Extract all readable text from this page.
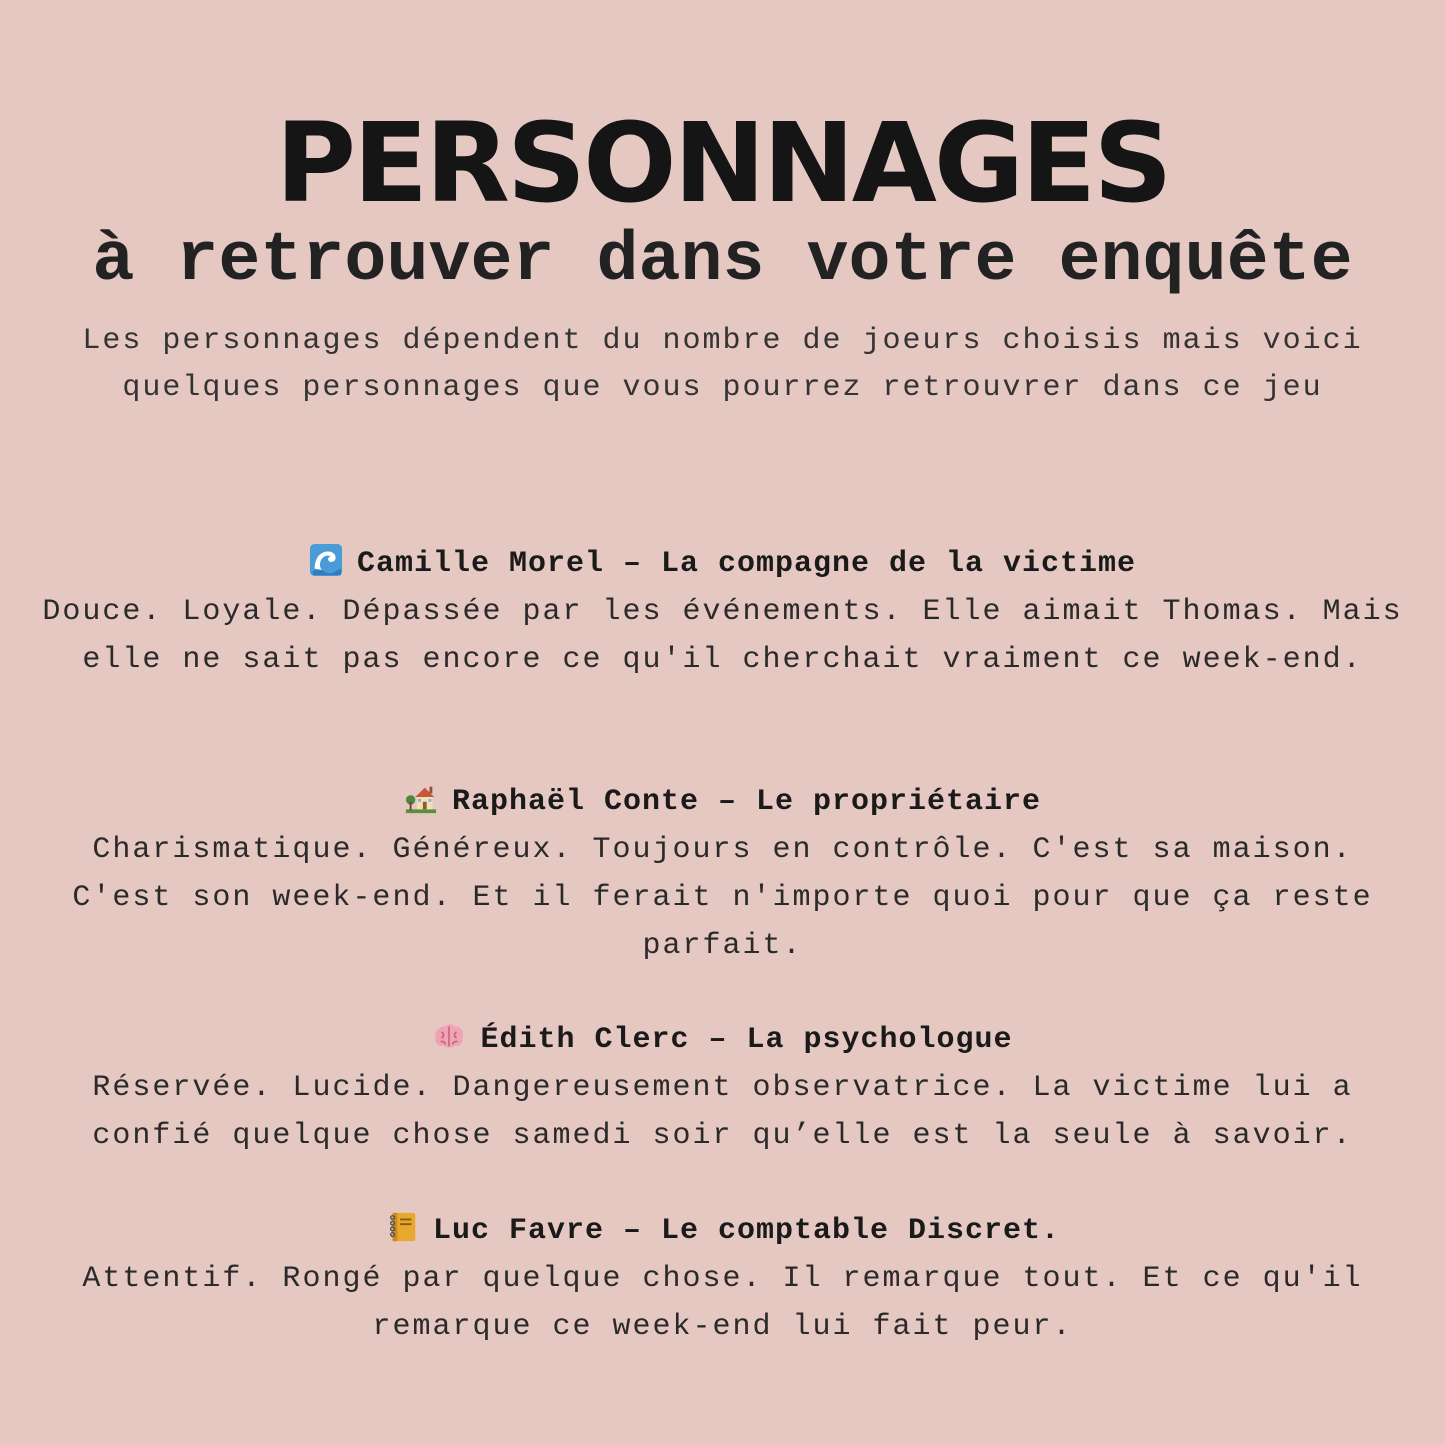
PERSONNAGES
à retrouver dans votre enquête

Les personnages dépendent du nombre de joeurs choisis mais voici quelques personnages que vous pourrez retrouvrer dans ce jeu

Camille Morel – La compagne de la victime

Douce. Loyale. Dépassée par les événements. Elle aimait Thomas. Mais elle ne sait pas encore ce qu'il cherchait vraiment ce week-end.

Raphaël Conte – Le propriétaire

Charismatique. Généreux. Toujours en contrôle. C'est sa maison. C'est son week-end. Et il ferait n'importe quoi pour que ça reste parfait.

Édith Clerc – La psychologue

Réservée. Lucide. Dangereusement observatrice. La victime lui a confié quelque chose samedi soir qu’elle est la seule à savoir.

Luc Favre – Le comptable Discret.

Attentif. Rongé par quelque chose. Il remarque tout. Et ce qu'il remarque ce week-end lui fait peur.
